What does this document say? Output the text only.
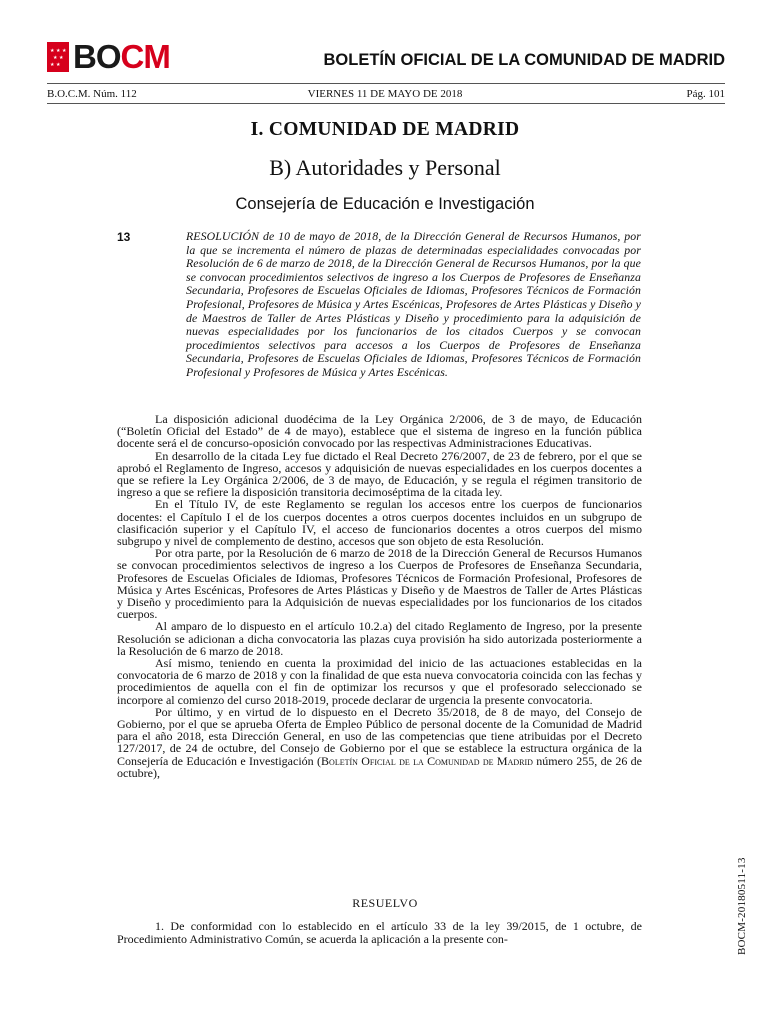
★ ★ ★
★ ★
★ ★ BOCM	BOLETÍN OFICIAL DE LA COMUNIDAD DE MADRID
B.O.C.M. Núm. 112	VIERNES 11 DE MAYO DE 2018	Pág. 101
I. COMUNIDAD DE MADRID
B) Autoridades y Personal
Consejería de Educación e Investigación
13	RESOLUCIÓN de 10 de mayo de 2018, de la Dirección General de Recursos Humanos, por la que se incrementa el número de plazas de determinadas especialidades convocadas por Resolución de 6 de marzo de 2018, de la Dirección General de Recursos Humanos, por la que se convocan procedimientos selectivos de ingreso a los Cuerpos de Profesores de Enseñanza Secundaria, Profesores de Escuelas Oficiales de Idiomas, Profesores Técnicos de Formación Profesional, Profesores de Música y Artes Escénicas, Profesores de Artes Plásticas y Diseño y de Maestros de Taller de Artes Plásticas y Diseño y procedimiento para la adquisición de nuevas especialidades por los funcionarios de los citados Cuerpos y se convocan procedimientos selectivos para accesos a los Cuerpos de Profesores de Enseñanza Secundaria, Profesores de Escuelas Oficiales de Idiomas, Profesores Técnicos de Formación Profesional y Profesores de Música y Artes Escénicas.

La disposición adicional duodécima de la Ley Orgánica 2/2006, de 3 de mayo, de Educación (“Boletín Oficial del Estado” de 4 de mayo), establece que el sistema de ingreso en la función pública docente será el de concurso-oposición convocado por las respectivas Administraciones Educativas.

En desarrollo de la citada Ley fue dictado el Real Decreto 276/2007, de 23 de febrero, por el que se aprobó el Reglamento de Ingreso, accesos y adquisición de nuevas especialidades en los cuerpos docentes a que se refiere la Ley Orgánica 2/2006, de 3 de mayo, de Educación, y se regula el régimen transitorio de ingreso a que se refiere la disposición transitoria decimoséptima de la citada ley.

En el Título IV, de este Reglamento se regulan los accesos entre los cuerpos de funcionarios docentes: el Capítulo I el de los cuerpos docentes a otros cuerpos docentes incluidos en un subgrupo de clasificación superior y el Capítulo IV, el acceso de funcionarios docentes a otros cuerpos del mismo subgrupo y nivel de complemento de destino, accesos que son objeto de esta Resolución.

Por otra parte, por la Resolución de 6 marzo de 2018 de la Dirección General de Recursos Humanos se convocan procedimientos selectivos de ingreso a los Cuerpos de Profesores de Enseñanza Secundaria, Profesores de Escuelas Oficiales de Idiomas, Profesores Técnicos de Formación Profesional, Profesores de Música y Artes Escénicas, Profesores de Artes Plásticas y Diseño y de Maestros de Taller de Artes Plásticas y Diseño y procedimiento para la Adquisición de nuevas especialidades por los funcionarios de los citados cuerpos.

Al amparo de lo dispuesto en el artículo 10.2.a) del citado Reglamento de Ingreso, por la presente Resolución se adicionan a dicha convocatoria las plazas cuya provisión ha sido autorizada posteriormente a la Resolución de 6 marzo de 2018.

Así mismo, teniendo en cuenta la proximidad del inicio de las actuaciones establecidas en la convocatoria de 6 marzo de 2018 y con la finalidad de que esta nueva convocatoria coincida con las fechas y procedimientos de aquella con el fin de optimizar los recursos y que el profesorado seleccionado se incorpore al comienzo del curso 2018-2019, procede declarar de urgencia la presente convocatoria.

Por último, y en virtud de lo dispuesto en el Decreto 35/2018, de 8 de mayo, del Consejo de Gobierno, por el que se aprueba Oferta de Empleo Público de personal docente de la Comunidad de Madrid para el año 2018, esta Dirección General, en uso de las competencias que tiene atribuidas por el Decreto 127/2017, de 24 de octubre, del Consejo de Gobierno por el que se establece la estructura orgánica de la Consejería de Educación e Investigación (Boletín Oficial de la Comunidad de Madrid número 255, de 26 de octubre),

RESUELVO

1. De conformidad con lo establecido en el artículo 33 de la ley 39/2015, de 1 octubre, de Procedimiento Administrativo Común, se acuerda la aplicación a la presente con-	BOCM-20180511-13
